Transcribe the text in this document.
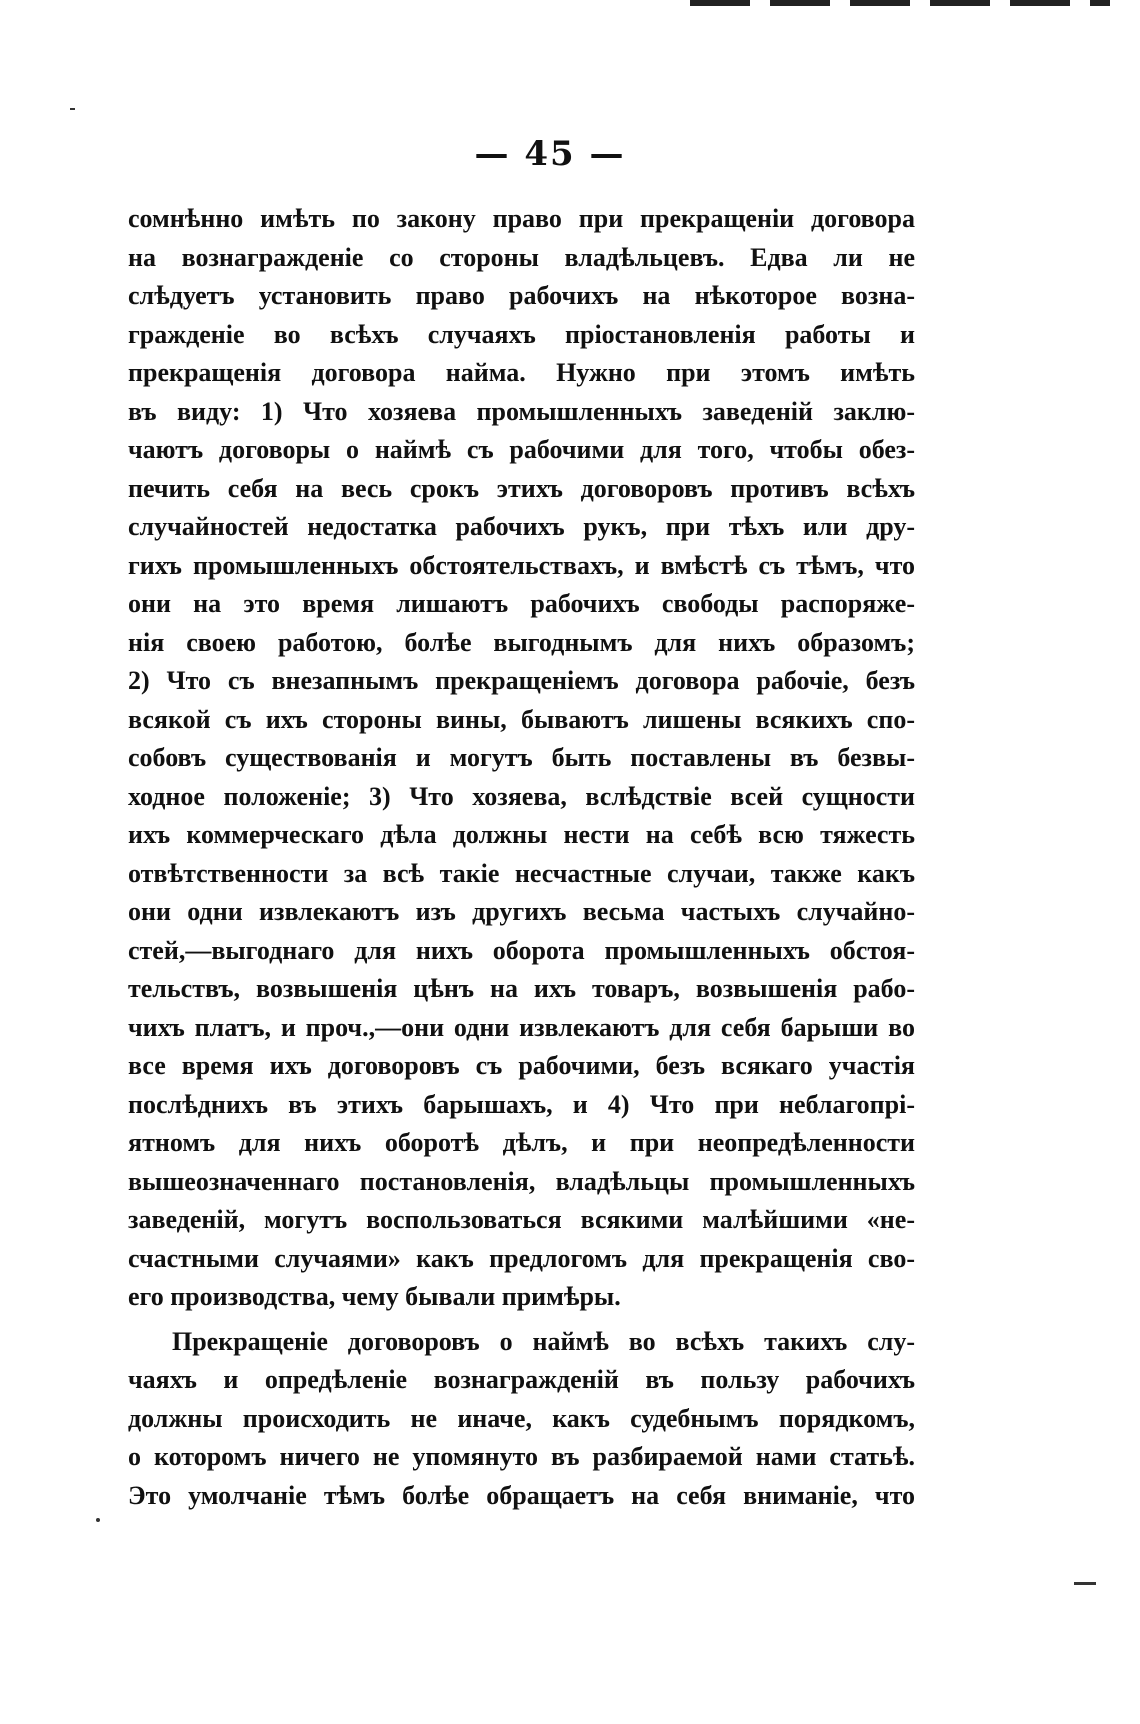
— 45 —
сомнѣнно имѣть по закону право при прекращеніи договора
на вознагражденіе со стороны владѣльцевъ. Едва ли не
слѣдуетъ установить право рабочихъ на нѣкоторое возна-
гражденіе во всѣхъ случаяхъ пріостановленія работы и
прекращенія договора найма. Нужно при этомъ имѣть
въ виду: 1) Что хозяева промышленныхъ заведеній заклю-
чаютъ договоры о наймѣ съ рабочими для того, чтобы обез-
печить себя на весь срокъ этихъ договоровъ противъ всѣхъ
случайностей недостатка рабочихъ рукъ, при тѣхъ или дру-
гихъ промышленныхъ обстоятельствахъ, и вмѣстѣ съ тѣмъ, что
они на это время лишаютъ рабочихъ свободы распоряже-
нія своею работою, болѣе выгоднымъ для нихъ образомъ;
2) Что съ внезапнымъ прекращеніемъ договора рабочіе, безъ
всякой съ ихъ стороны вины, бываютъ лишены всякихъ спо-
собовъ существованія и могутъ быть поставлены въ безвы-
ходное положеніе; 3) Что хозяева, вслѣдствіе всей сущности
ихъ коммерческаго дѣла должны нести на себѣ всю тяжесть
отвѣтственности за всѣ такіе несчастные случаи, также какъ
они одни извлекаютъ изъ другихъ весьма частыхъ случайно-
стей,—выгоднаго для нихъ оборота промышленныхъ обстоя-
тельствъ, возвышенія цѣнъ на ихъ товаръ, возвышенія рабо-
чихъ платъ, и проч.,—они одни извлекаютъ для себя барыши во
все время ихъ договоровъ съ рабочими, безъ всякаго участія
послѣднихъ въ этихъ барышахъ, и 4) Что при неблагопрі-
ятномъ для нихъ оборотѣ дѣлъ, и при неопредѣленности
вышеозначеннаго постановленія, владѣльцы промышленныхъ
заведеній, могутъ воспользоваться всякими малѣйшими «не-
счастными случаями» какъ предлогомъ для прекращенія сво-
его производства, чему бывали примѣры.
Прекращеніе договоровъ о наймѣ во всѣхъ такихъ слу-
чаяхъ и опредѣленіе вознагражденій въ пользу рабочихъ
должны происходить не иначе, какъ судебнымъ порядкомъ,
о которомъ ничего не упомянуто въ разбираемой нами статьѣ.
Это умолчаніе тѣмъ болѣе обращаетъ на себя вниманіе, что
